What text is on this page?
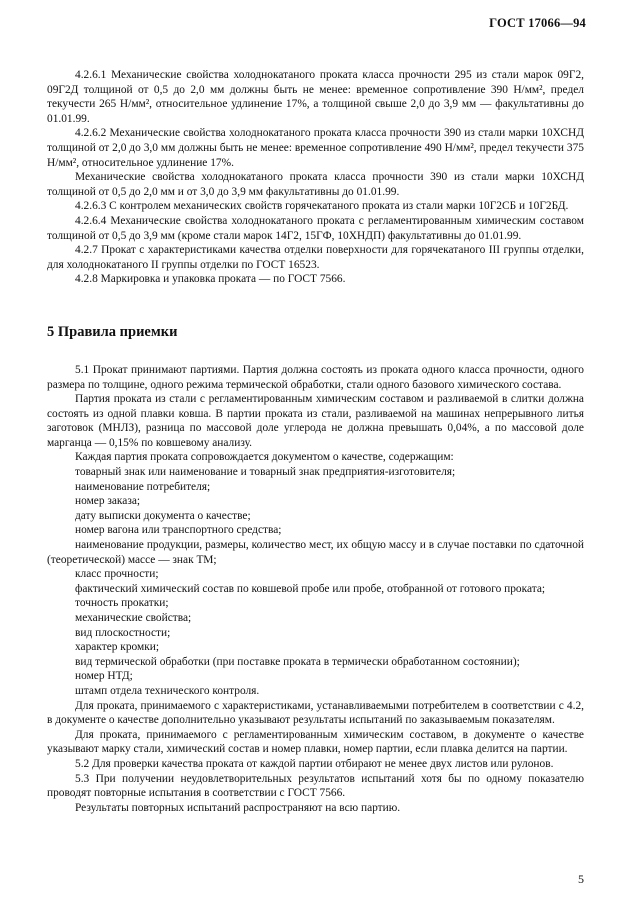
ГОСТ 17066—94

4.2.6.1 Механические свойства холоднокатаного проката класса прочности 295 из стали марок 09Г2, 09Г2Д толщиной от 0,5 до 2,0 мм должны быть не менее: временное сопротивление 390 Н/мм², предел текучести 265 Н/мм², относительное удлинение 17%, а толщиной свыше 2,0 до 3,9 мм — факультативны до 01.01.99.

4.2.6.2 Механические свойства холоднокатаного проката класса прочности 390 из стали марки 10ХСНД толщиной от 2,0 до 3,0 мм должны быть не менее: временное сопротивление 490 Н/мм², предел текучести 375 Н/мм², относительное удлинение 17%.

Механические свойства холоднокатаного проката класса прочности 390 из стали марки 10ХСНД толщиной от 0,5 до 2,0 мм и от 3,0 до 3,9 мм факультативны до 01.01.99.

4.2.6.3 С контролем механических свойств горячекатаного проката из стали марки 10Г2СБ и 10Г2БД.

4.2.6.4 Механические свойства холоднокатаного проката с регламентированным химическим составом толщиной от 0,5 до 3,9 мм (кроме стали марок 14Г2, 15ГФ, 10ХНДП) факультативны до 01.01.99.

4.2.7 Прокат с характеристиками качества отделки поверхности для горячекатаного III группы отделки, для холоднокатаного II группы отделки по ГОСТ 16523.

4.2.8 Маркировка и упаковка проката — по ГОСТ 7566.

5 Правила приемки

5.1 Прокат принимают партиями. Партия должна состоять из проката одного класса прочности, одного размера по толщине, одного режима термической обработки, стали одного базового химического состава.

Партия проката из стали с регламентированным химическим составом и разливаемой в слитки должна состоять из одной плавки ковша. В партии проката из стали, разливаемой на машинах непрерывного литья заготовок (МНЛЗ), разница по массовой доле углерода не должна превышать 0,04%, а по массовой доле марганца — 0,15% по ковшевому анализу.

Каждая партия проката сопровождается документом о качестве, содержащим:

товарный знак или наименование и товарный знак предприятия-изготовителя;

наименование потребителя;

номер заказа;

дату выписки документа о качестве;

номер вагона или транспортного средства;

наименование продукции, размеры, количество мест, их общую массу и в случае поставки по сдаточной (теоретической) массе — знак ТМ;

класс прочности;

фактический химический состав по ковшевой пробе или пробе, отобранной от готового проката;

точность прокатки;

механические свойства;

вид плоскостности;

характер кромки;

вид термической обработки (при поставке проката в термически обработанном состоянии);

номер НТД;

штамп отдела технического контроля.

Для проката, принимаемого с характеристиками, устанавливаемыми потребителем в соответствии с 4.2, в документе о качестве дополнительно указывают результаты испытаний по заказываемым показателям.

Для проката, принимаемого с регламентированным химическим составом, в документе о качестве указывают марку стали, химический состав и номер плавки, номер партии, если плавка делится на партии.

5.2 Для проверки качества проката от каждой партии отбирают не менее двух листов или рулонов.

5.3 При получении неудовлетворительных результатов испытаний хотя бы по одному показателю проводят повторные испытания в соответствии с ГОСТ 7566.

Результаты повторных испытаний распространяют на всю партию.

5
